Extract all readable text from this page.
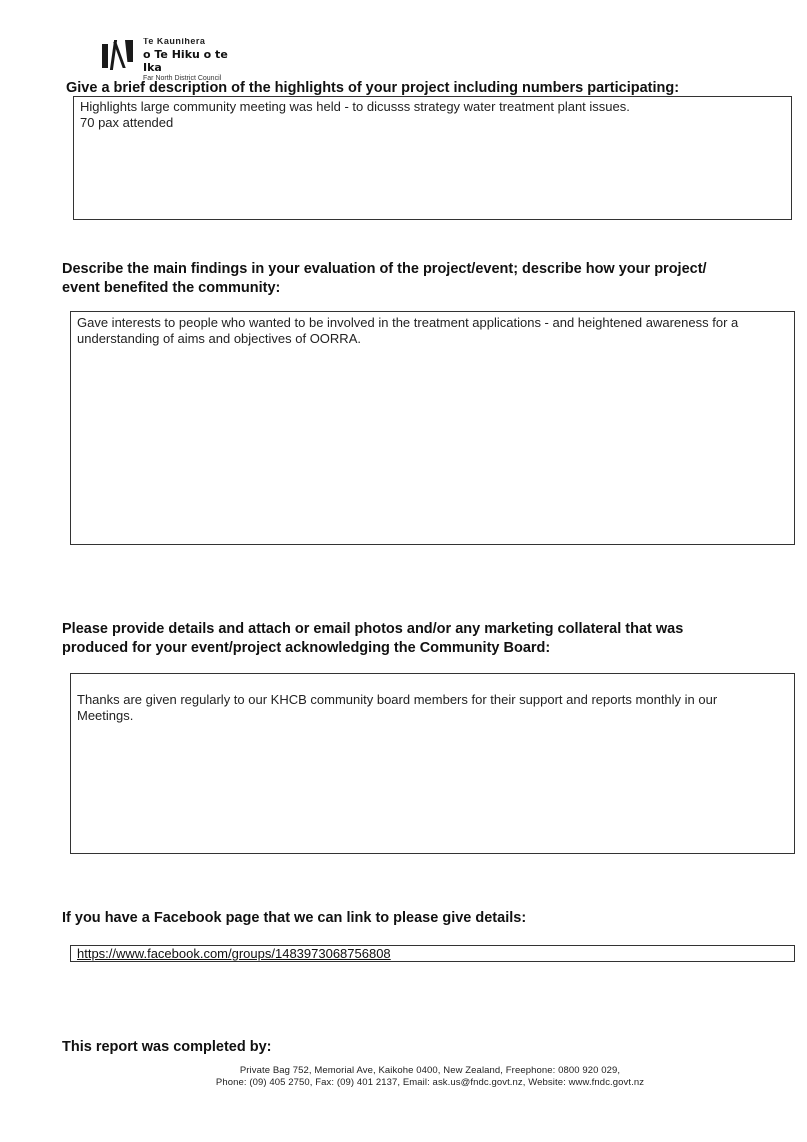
Te Kaunihera
o Te Hiku o te Ika
Far North District Council
Give a brief description of the highlights of your project including numbers participating:

Highlights large community meeting was held - to dicusss strategy water treatment plant issues.

70 pax attended

Describe the main findings in your evaluation of the project/event; describe how your project/
event benefited the community:

Gave interests to people who wanted to be involved in the treatment applications - and heightened awareness for a

understanding of aims and objectives of OORRA.

Please provide details and attach or email photos and/or any marketing collateral that was
produced for your event/project acknowledging the Community Board:

Thanks are given regularly to our KHCB community board members for their support and reports monthly in our

Meetings.

If you have a Facebook page that we can link to please give details:
https://www.facebook.com/groups/1483973068756808
This report was completed by:
Private Bag 752, Memorial Ave, Kaikohe 0400, New Zealand, Freephone: 0800 920 029,
Phone: (09) 405 2750, Fax: (09) 401 2137, Email: ask.us@fndc.govt.nz, Website: www.fndc.govt.nz
